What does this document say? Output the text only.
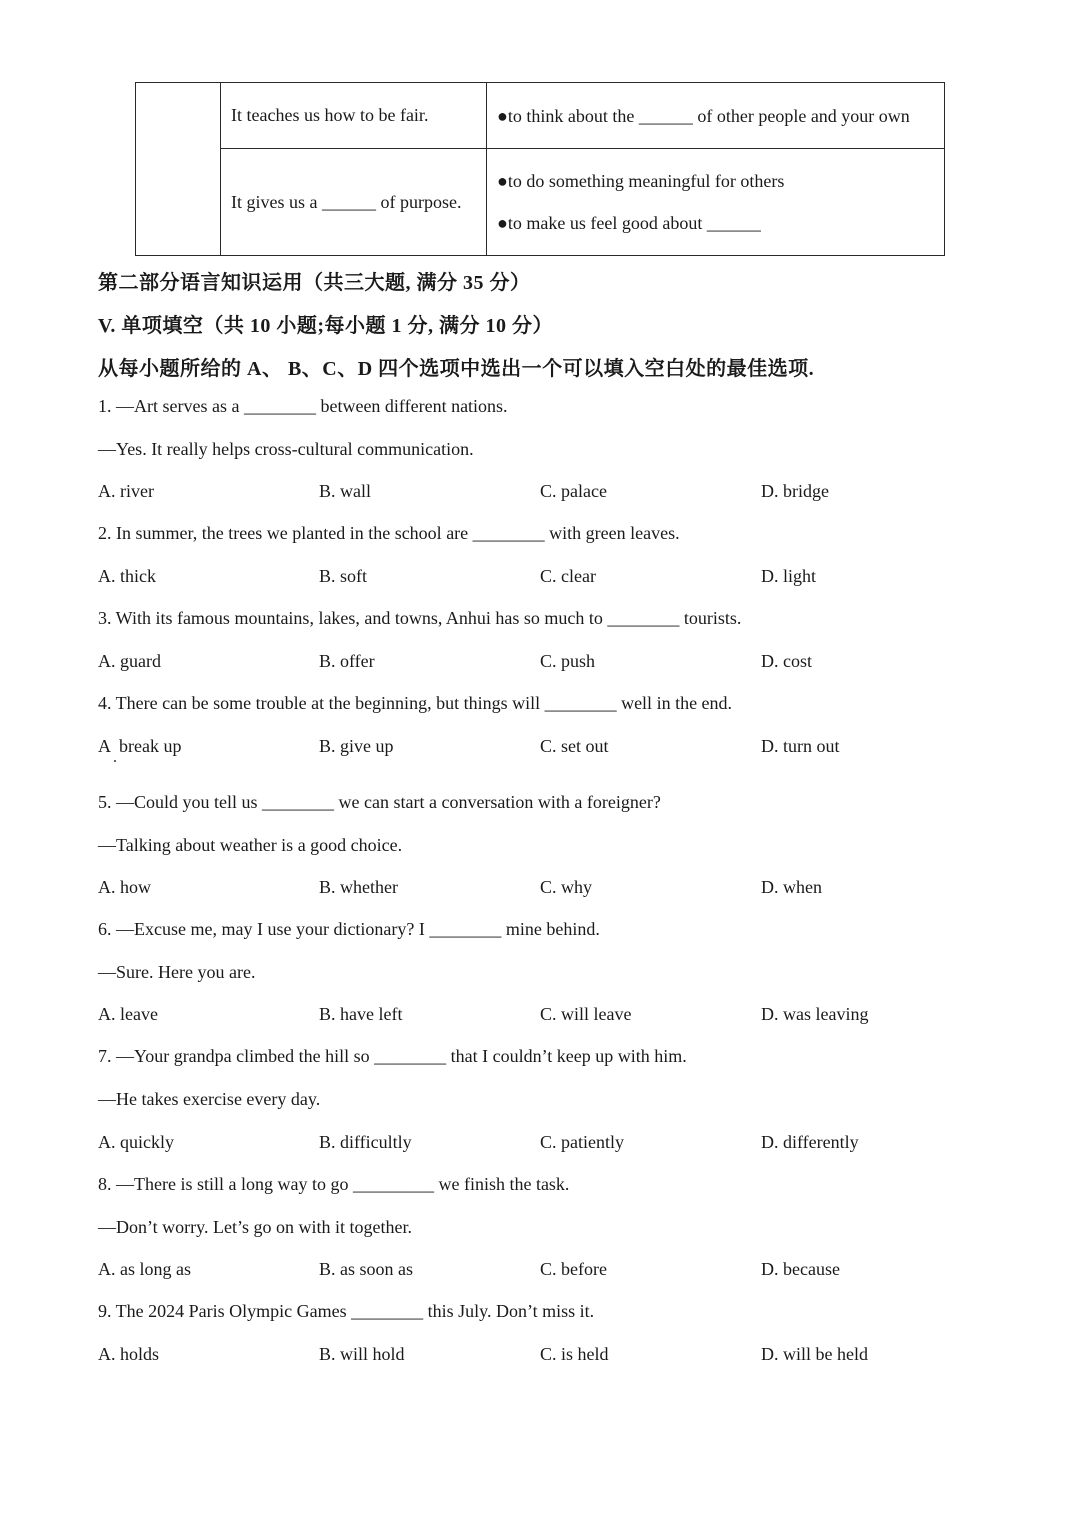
	It teaches us how to be fair.	●to think about the ______ of other people and your own

	It gives us a ______ of purpose.	●to do something meaningful for others

●to make us feel good about ______

第二部分语言知识运用（共三大题, 满分 35 分）
V. 单项填空（共 10 小题;每小题 1 分, 满分 10 分）
从每小题所给的 A、 B、C、D 四个选项中选出一个可以填入空白处的最佳选项.
1. —Art serves as a ________ between different nations.
—Yes. It really helps cross-cultural communication.
A. river	B. wall	C. palace	D. bridge
2. In summer, the trees we planted in the school are ________ with green leaves.
A. thick	B. soft	C. clear	D. light
3. With its famous mountains, lakes, and towns, Anhui has so much to ________ tourists.
A. guard	B. offer	C. push	D. cost
4. There can be some trouble at the beginning, but things will ________ well in the end.
A  break up	B. give up	C. set out	D. turn out
5. —Could you tell us ________ we can start a conversation with a foreigner?
—Talking about weather is a good choice.
A. how	B. whether	C. why	D. when
6. —Excuse me, may I use your dictionary? I ________ mine behind.
—Sure. Here you are.
A. leave	B. have left	C. will leave	D. was leaving
7. —Your grandpa climbed the hill so ________ that I couldn’t keep up with him.
—He takes exercise every day.
A. quickly	B. difficultly	C. patiently	D. differently
8. —There is still a long way to go _________ we finish the task.
—Don’t worry. Let’s go on with it together.
A. as long as	B. as soon as	C. before	D. because
9. The 2024 Paris Olympic Games ________ this July. Don’t miss it.
A. holds	B. will hold	C. is held	D. will be held
